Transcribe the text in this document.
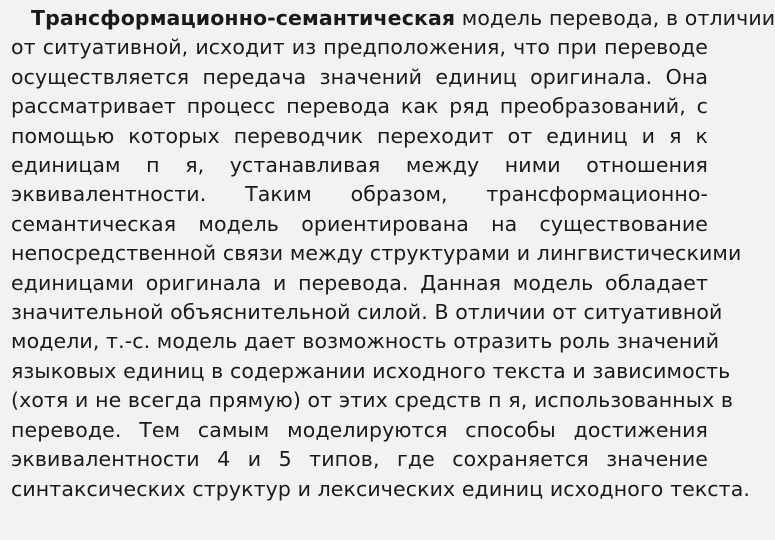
Трансформационно-семантическая модель перевода, в отличии
от ситуативной, исходит из предположения, что при переводе
осуществляется передача значений единиц оригинала. Она
рассматривает процесс перевода как ряд преобразований, с
помощью которых переводчик переходит от единиц и я к
единицам п я, устанавливая между ними отношения
эквивалентности. Таким образом, трансформационно-
семантическая модель ориентирована на существование
непосредственной связи между структурами и лингвистическими
единицами оригинала и перевода. Данная модель обладает
значительной объяснительной силой. В отличии от ситуативной
модели, т.-с. модель дает возможность отразить роль значений
языковых единиц в содержании исходного текста и зависимость
(хотя и не всегда прямую) от этих средств п я, использованных в
переводе. Тем самым моделируются способы достижения
эквивалентности 4 и 5 типов, где сохраняется значение
синтаксических структур и лексических единиц исходного текста.
